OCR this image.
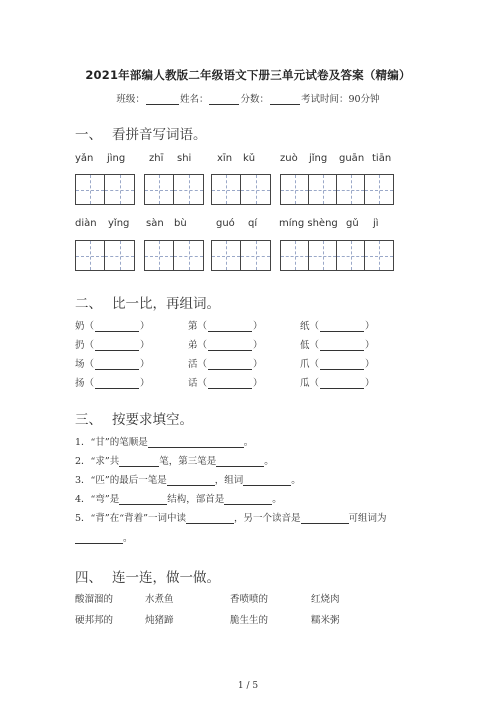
2021年部编人教版二年级语文下册三单元试卷及答案（精编）
班级：	姓名：	分数：	考试时间：90分钟
一、 看拼音写词语。
yǎn jìng zhī shi	xīn kǔ zuò jǐng guān tiān
diàn yǐng sàn bù	guó qí míng shèng gǔ jì
二、 比一比，再组词。
奶（	）	第（	）	纸（	）
扔（	）	弟（	）	低（	）
场（	）	活（	）	爪（	）
扬（	）	话（	）	瓜（	）
三、 按要求填空。
1．“甘”的笔顺是	。
2．“求”共	笔，第三笔是	。
3．“匹”的最后一笔是	，组词	。
4．“弯”是	结构，部首是	。
5．“背”在“背着”一词中读	，另一个读音是	可组词为
。
四、 连一连，做一做。
酸溜溜的	水煮鱼	香喷喷的	红烧肉
硬邦邦的	炖猪蹄	脆生生的	糯米粥
1 / 5
